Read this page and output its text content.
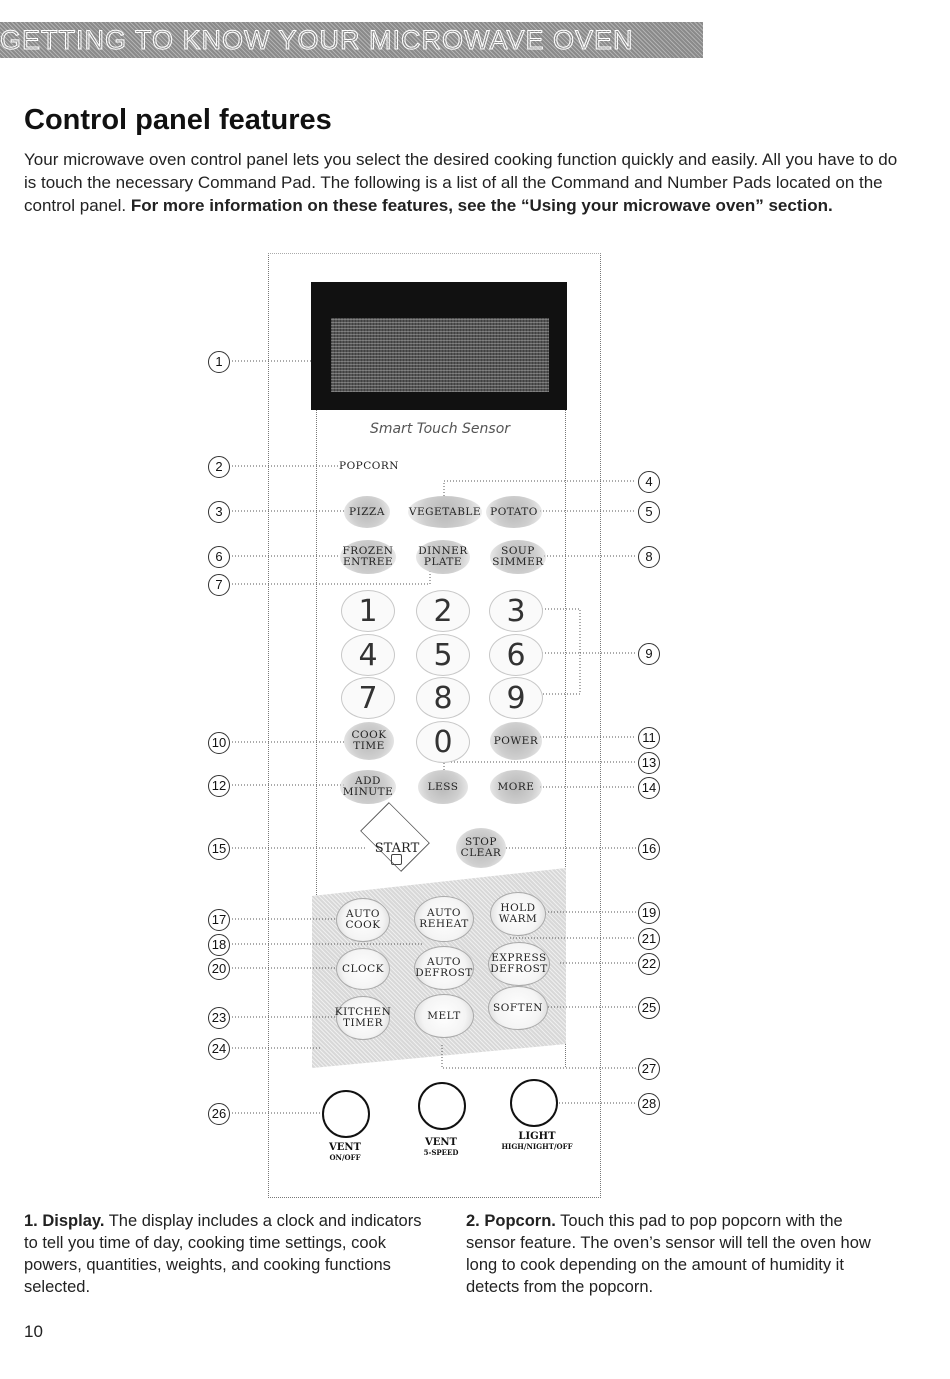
GETTING TO KNOW YOUR MICROWAVE OVEN
Control panel features
Your microwave oven control panel lets you select the desired cooking function quickly and easily. All you have to do is touch the necessary Command Pad. The following is a list of all the Command and Number Pads located on the control panel. For more information on these features, see the “Using your microwave oven” section.
Smart Touch Sensor
POPCORN
PIZZA	VEGETABLE POTATO
FROZEN
ENTREE
DINNER
PLATE
SOUP
SIMMER
1	2	3
4	5	6
7	8	9
0
COOK
TIME	POWER
ADD
MINUTE	LESS	MORE
START	STOP
CLEAR
AUTO
COOK
AUTO
REHEAT
HOLD
WARM
CLOCK
AUTO
DEFROST
EXPRESS
DEFROST
KITCHEN
TIMER
MELT
SOFTEN
VENT
ON/OFF
VENT
5-SPEED
LIGHT
HIGH/NIGHT/OFF
1
2
3
4
5
6
7
8
9
10	11
12
13
14
15	16
17
18
19
20
21
22
23
24
25
26
27
28
1. Display. The display includes a clock and indicators to tell you time of day, cooking time settings, cook powers, quantities, weights, and cooking functions selected.
2. Popcorn. Touch this pad to pop popcorn with the sensor feature. The oven’s sensor will tell the oven how long to cook depending on the amount of humidity it detects from the popcorn.
10
